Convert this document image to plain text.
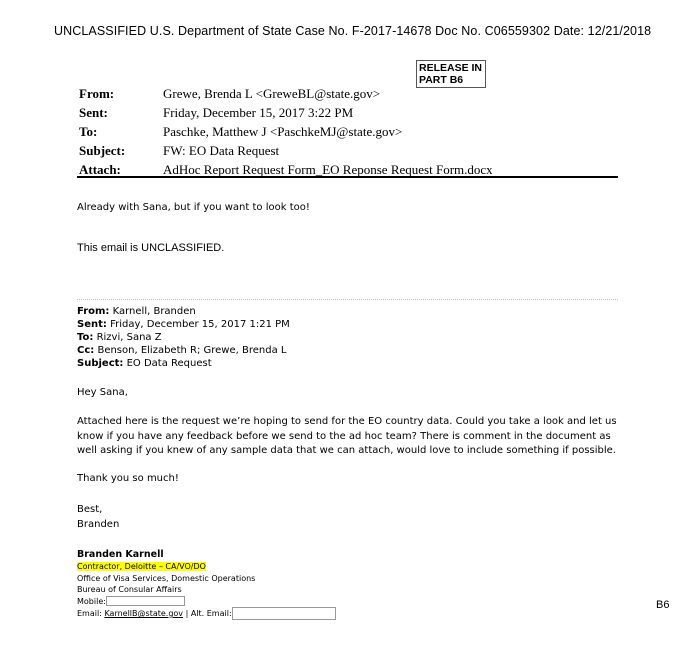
UNCLASSIFIED U.S. Department of State Case No. F-2017-14678 Doc No. C06559302 Date: 12/21/2018
RELEASE IN
PART B6
From:	Grewe, Brenda L <GreweBL@state.gov>
Sent:	Friday, December 15, 2017 3:22 PM
To:	Paschke, Matthew J <PaschkeMJ@state.gov>
Subject:	FW: EO Data Request
Attach:	AdHoc Report Request Form_EO Reponse Request Form.docx
Already with Sana, but if you want to look too!
This email is UNCLASSIFIED.
From: Karnell, Branden
Sent: Friday, December 15, 2017 1:21 PM
To: Rizvi, Sana Z
Cc: Benson, Elizabeth R; Grewe, Brenda L
Subject: EO Data Request
Hey Sana,
Attached here is the request we’re hoping to send for the EO country data. Could you take a look and let us know if you have any feedback before we send to the ad hoc team? There is comment in the document as well asking if you knew of any sample data that we can attach, would love to include something if possible.
Thank you so much!
Best,
Branden
Branden Karnell
Contractor, Deloitte – CA/VO/DO
Office of Visa Services, Domestic Operations
Bureau of Consular Affairs
Mobile:
Email: KarnellB@state.gov | Alt. Email:
B6
